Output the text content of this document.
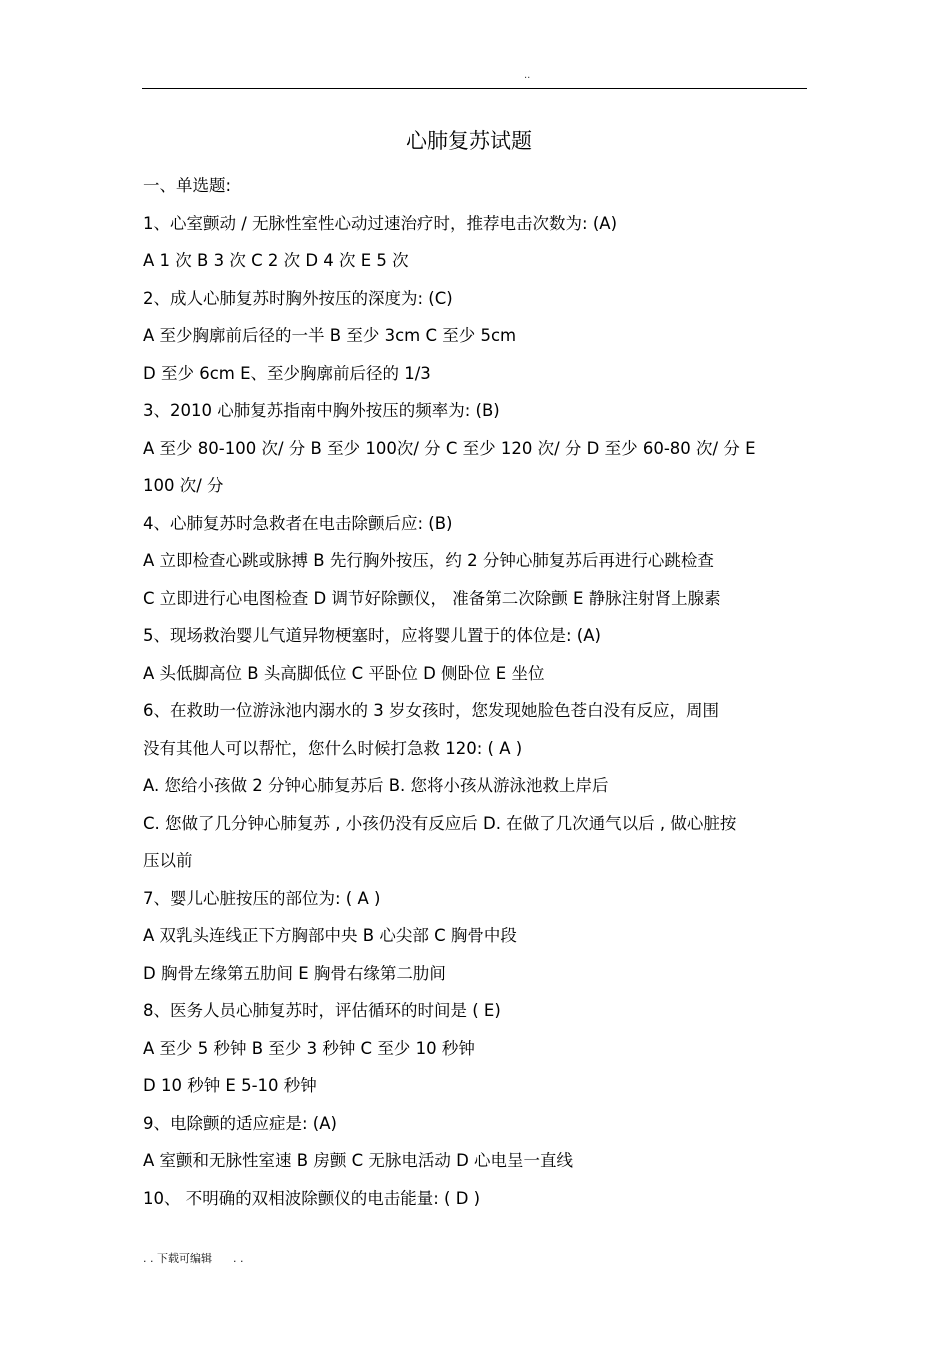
..
心肺复苏试题
一、单选题:
1、心室颤动 / 无脉性室性心动过速治疗时，推荐电击次数为: (A)
A 1 次 B 3 次 C 2 次 D 4 次 E 5 次
2、成人心肺复苏时胸外按压的深度为: (C)
A 至少胸廓前后径的一半 B 至少 3cm C 至少 5cm
D 至少 6cm E、至少胸廓前后径的 1/3
3、2010 心肺复苏指南中胸外按压的频率为: (B)
A 至少 80-100 次/ 分 B 至少 100次/ 分 C 至少 120 次/ 分 D 至少 60-80 次/ 分 E
100 次/ 分
4、心肺复苏时急救者在电击除颤后应: (B)
A 立即检查心跳或脉搏 B 先行胸外按压，约 2 分钟心肺复苏后再进行心跳检查
C 立即进行心电图检查 D 调节好除颤仪， 准备第二次除颤 E 静脉注射肾上腺素
5、现场救治婴儿气道异物梗塞时，应将婴儿置于的体位是: (A)
A 头低脚高位 B 头高脚低位 C 平卧位 D 侧卧位 E 坐位
6、在救助一位游泳池内溺水的 3 岁女孩时，您发现她脸色苍白没有反应，周围
没有其他人可以帮忙，您什么时候打急救 120: ( A )
A. 您给小孩做 2 分钟心肺复苏后 B. 您将小孩从游泳池救上岸后
C. 您做了几分钟心肺复苏 , 小孩仍没有反应后 D. 在做了几次通气以后 , 做心脏按
压以前
7、婴儿心脏按压的部位为: ( A )
A 双乳头连线正下方胸部中央 B 心尖部 C 胸骨中段
D 胸骨左缘第五肋间 E 胸骨右缘第二肋间
8、医务人员心肺复苏时，评估循环的时间是 ( E)
A 至少 5 秒钟 B 至少 3 秒钟 C 至少 10 秒钟
D 10 秒钟 E 5-10 秒钟
9、电除颤的适应症是: (A)
A 室颤和无脉性室速 B 房颤 C 无脉电活动 D 心电呈一直线
10、 不明确的双相波除颤仪的电击能量: ( D )
. . 下载可编辑      . .
